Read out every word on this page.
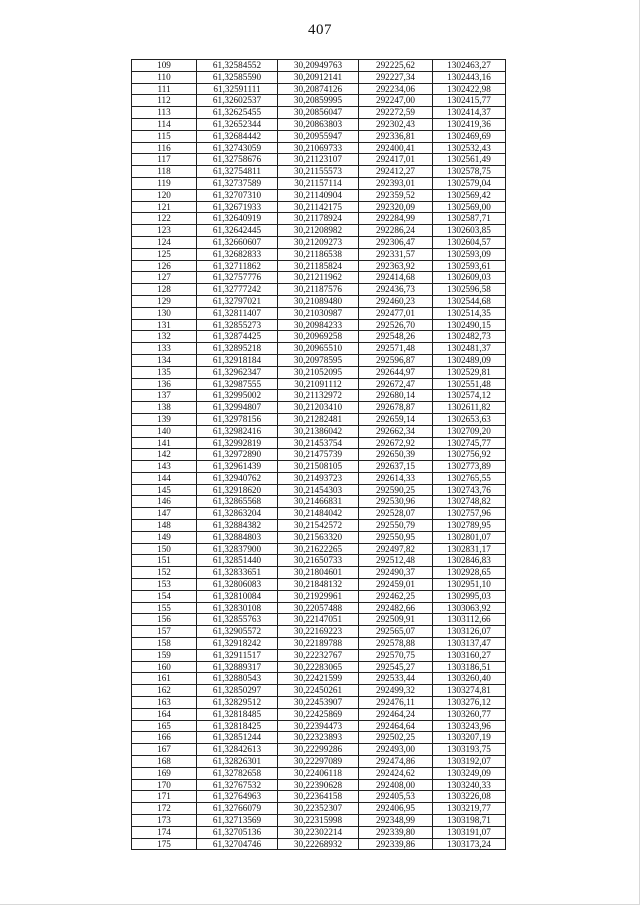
407
109	61,32584552	30,20949763	292225,62	1302463,27
110	61,32585590	30,20912141	292227,34	1302443,16
111	61,32591111	30,20874126	292234,06	1302422,98
112	61,32602537	30,20859995	292247,00	1302415,77
113	61,32625455	30,20856047	292272,59	1302414,37
114	61,32652344	30,20863803	292302,43	1302419,36
115	61,32684442	30,20955947	292336,81	1302469,69
116	61,32743059	30,21069733	292400,41	1302532,43
117	61,32758676	30,21123107	292417,01	1302561,49
118	61,32754811	30,21155573	292412,27	1302578,75
119	61,32737589	30,21157114	292393,01	1302579,04
120	61,32707310	30,21140904	292359,52	1302569,42
121	61,32671933	30,21142175	292320,09	1302569,00
122	61,32640919	30,21178924	292284,99	1302587,71
123	61,32642445	30,21208982	292286,24	1302603,85
124	61,32660607	30,21209273	292306,47	1302604,57
125	61,32682833	30,21186538	292331,57	1302593,09
126	61,32711862	30,21185824	292363,92	1302593,61
127	61,32757776	30,21211962	292414,68	1302609,03
128	61,32777242	30,21187576	292436,73	1302596,58
129	61,32797021	30,21089480	292460,23	1302544,68
130	61,32811407	30,21030987	292477,01	1302514,35
131	61,32855273	30,20984233	292526,70	1302490,15
132	61,32874425	30,20969258	292548,26	1302482,73
133	61,32895218	30,20965510	292571,48	1302481,37
134	61,32918184	30,20978595	292596,87	1302489,09
135	61,32962347	30,21052095	292644,97	1302529,81
136	61,32987555	30,21091112	292672,47	1302551,48
137	61,32995002	30,21132972	292680,14	1302574,12
138	61,32994807	30,21203410	292678,87	1302611,82
139	61,32978156	30,21282481	292659,14	1302653,63
140	61,32982416	30,21386042	292662,34	1302709,20
141	61,32992819	30,21453754	292672,92	1302745,77
142	61,32972890	30,21475739	292650,39	1302756,92
143	61,32961439	30,21508105	292637,15	1302773,89
144	61,32940762	30,21493723	292614,33	1302765,55
145	61,32918620	30,21454303	292590,25	1302743,76
146	61,32865568	30,21466831	292530,96	1302748,82
147	61,32863204	30,21484042	292528,07	1302757,96
148	61,32884382	30,21542572	292550,79	1302789,95
149	61,32884803	30,21563320	292550,95	1302801,07
150	61,32837900	30,21622265	292497,82	1302831,17
151	61,32851440	30,21650733	292512,48	1302846,83
152	61,32833651	30,21804601	292490,37	1302928,65
153	61,32806083	30,21848132	292459,01	1302951,10
154	61,32810084	30,21929961	292462,25	1302995,03
155	61,32830108	30,22057488	292482,66	1303063,92
156	61,32855763	30,22147051	292509,91	1303112,66
157	61,32905572	30,22169223	292565,07	1303126,07
158	61,32918242	30,22189788	292578,88	1303137,47
159	61,32911517	30,22232767	292570,75	1303160,27
160	61,32889317	30,22283065	292545,27	1303186,51
161	61,32880543	30,22421599	292533,44	1303260,40
162	61,32850297	30,22450261	292499,32	1303274,81
163	61,32829512	30,22453907	292476,11	1303276,12
164	61,32818485	30,22425869	292464,24	1303260,77
165	61,32818425	30,22394473	292464,64	1303243,96
166	61,32851244	30,22323893	292502,25	1303207,19
167	61,32842613	30,22299286	292493,00	1303193,75
168	61,32826301	30,22297089	292474,86	1303192,07
169	61,32782658	30,22406118	292424,62	1303249,09
170	61,32767532	30,22390628	292408,00	1303240,33
171	61,32764963	30,22364158	292405,53	1303226,08
172	61,32766079	30,22352307	292406,95	1303219,77
173	61,32713569	30,22315998	292348,99	1303198,71
174	61,32705136	30,22302214	292339,80	1303191,07
175	61,32704746	30,22268932	292339,86	1303173,24
